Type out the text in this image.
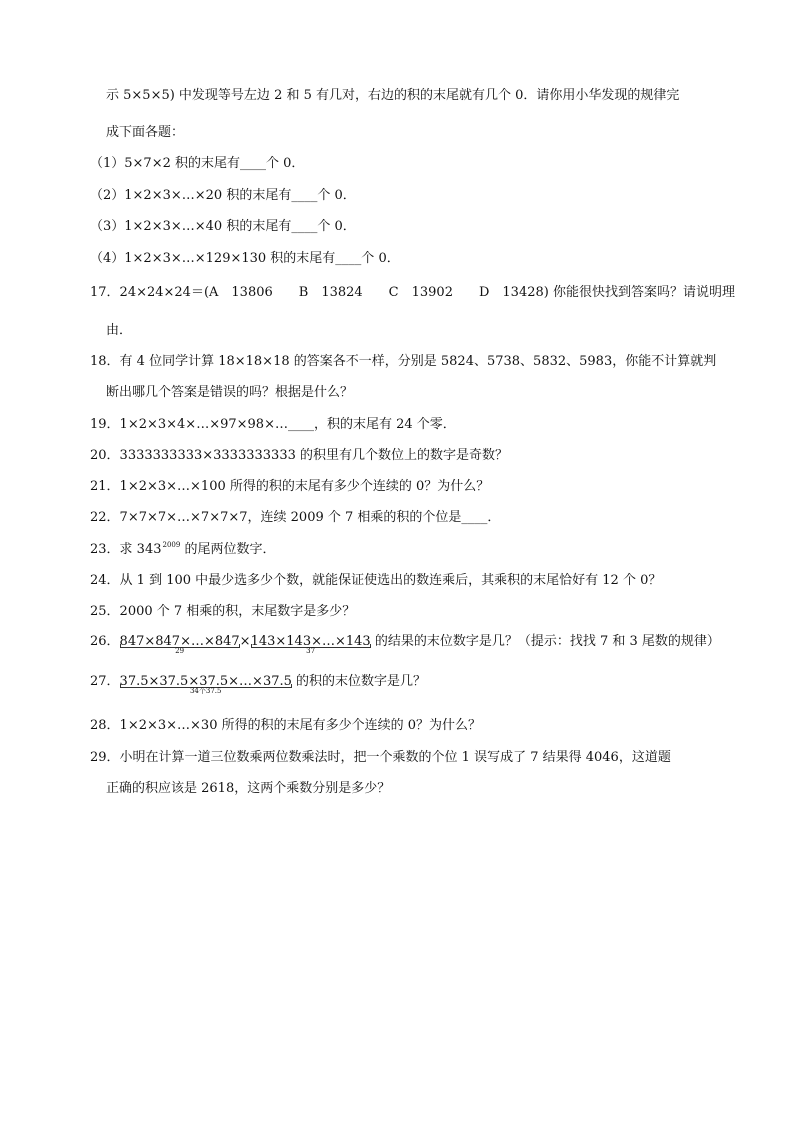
示 5×5×5) 中发现等号左边 2 和 5 有几对，右边的积的末尾就有几个 0．请你用小华发现的规律完
成下面各题：
（1）5×7×2 积的末尾有____个 0．
（2）1×2×3×…×20 积的末尾有____个 0．
（3）1×2×3×…×40 积的末尾有____个 0．
（4）1×2×3×…×129×130 积的末尾有____个 0．
17．24×24×24＝(A　13806　　B　13824　　C　13902　　D　13428) 你能很快找到答案吗？请说明理
由．
18．有 4 位同学计算 18×18×18 的答案各不一样，分别是 5824、5738、5832、5983，你能不计算就判
断出哪几个答案是错误的吗？根据是什么？
19．1×2×3×4×…×97×98×…____，积的末尾有 24 个零．
20．3333333333×3333333333 的积里有几个数位上的数字是奇数？
21．1×2×3×…×100 所得的积的末尾有多少个连续的 0？为什么？
22．7×7×7×…×7×7×7，连续 2009 个 7 相乘的积的个位是____．
23．求 $343^{2009}$ 的尾两位数字．
24．从 1 到 100 中最少选多少个数，就能保证使选出的数连乘后，其乘积的末尾恰好有 12 个 0？
25．2000 个 7 相乘的积，末尾数字是多少？
26．847×847×…×847
29
×143×143×…×143
37
的结果的末位数字是几？（提示：找找 7 和 3 尾数的规律）
27．37.5×37.5×37.5×…×37.5
34个37.5
的积的末位数字是几？
28．1×2×3×…×30 所得的积的末尾有多少个连续的 0？为什么？
29．小明在计算一道三位数乘两位数乘法时，把一个乘数的个位 1 误写成了 7 结果得 4046，这道题
正确的积应该是 2618，这两个乘数分别是多少？
